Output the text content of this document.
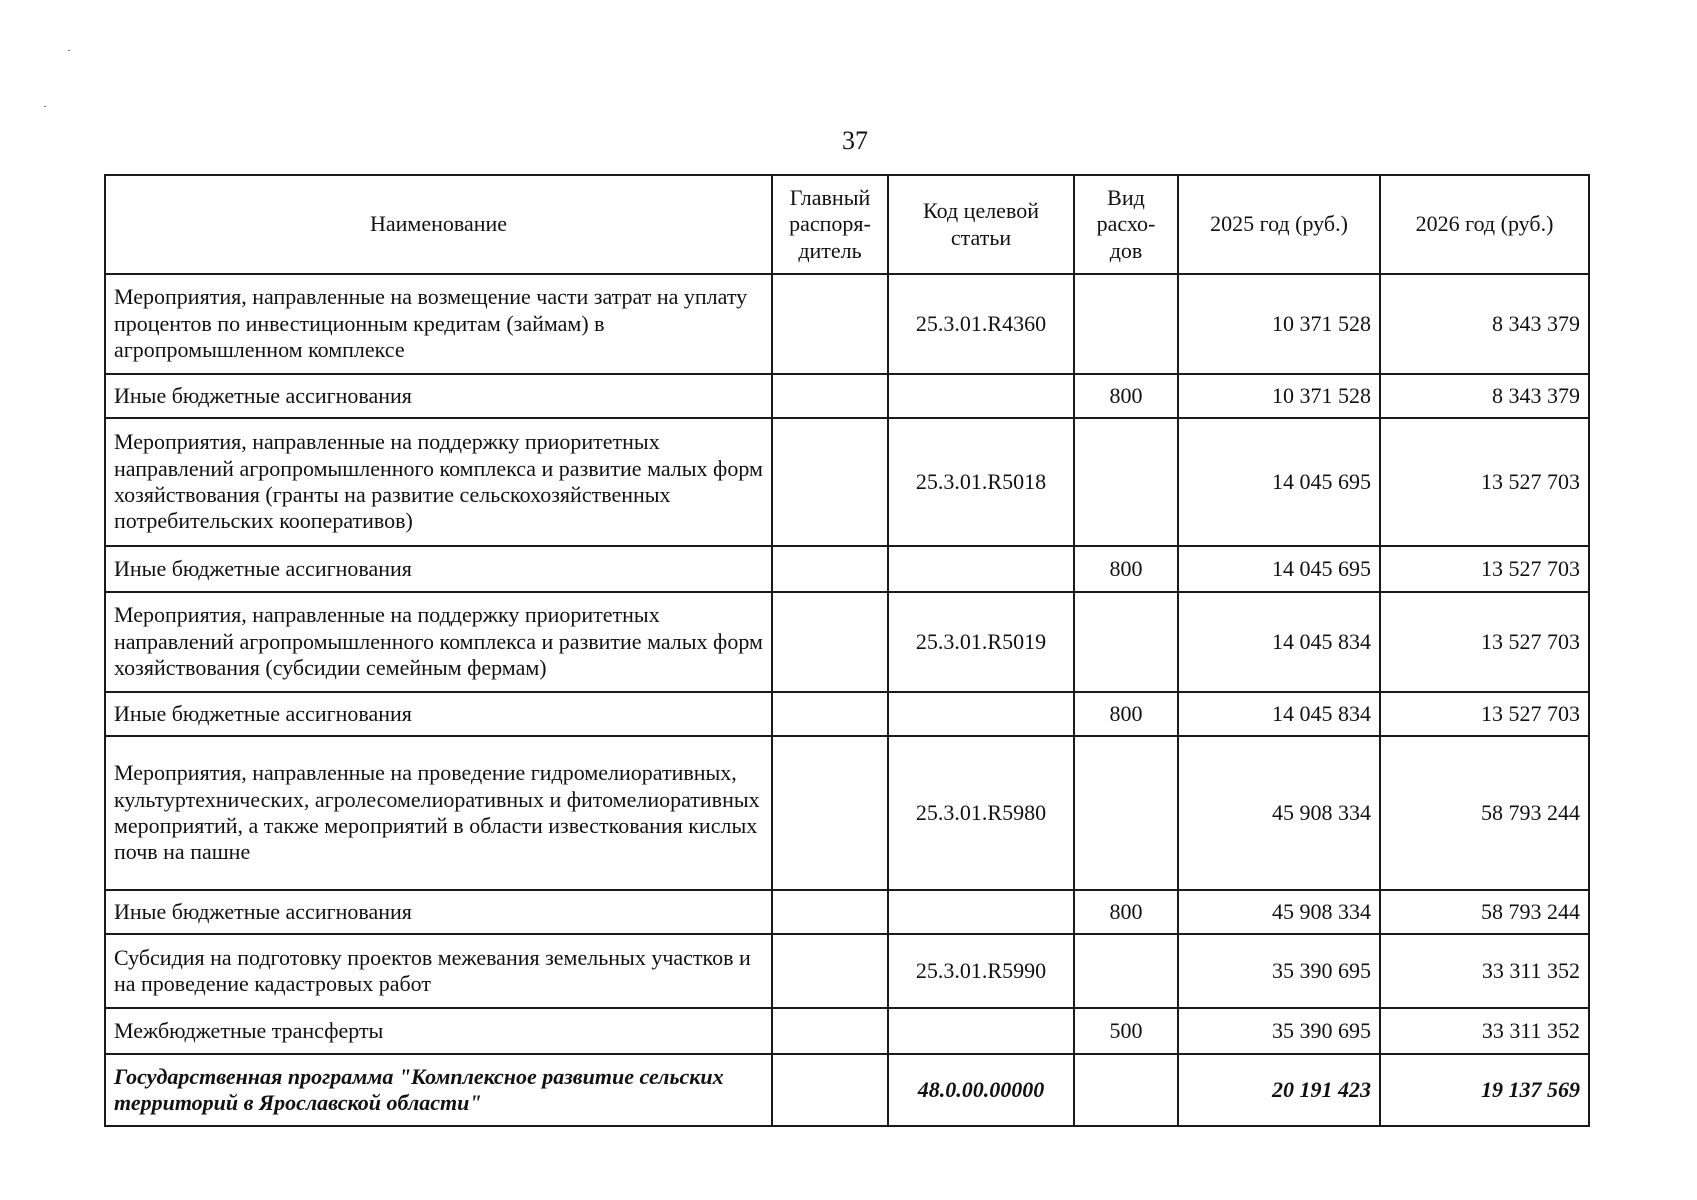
37
Наименование	Главный распоря-дитель	Код целевой статьи	Вид расхо-дов	2025 год (руб.)	2026 год (руб.)
Мероприятия, направленные на возмещение части затрат на уплату процентов по инвестиционным кредитам (займам) в агропромышленном комплексе		25.3.01.R4360		10 371 528	8 343 379
Иные бюджетные ассигнования			800	10 371 528	8 343 379
Мероприятия, направленные на поддержку приоритетных направлений агропромышленного комплекса и развитие малых форм хозяйствования (гранты на развитие сельскохозяйственных потребительских кооперативов)		25.3.01.R5018		14 045 695	13 527 703
Иные бюджетные ассигнования			800	14 045 695	13 527 703
Мероприятия, направленные на поддержку приоритетных направлений агропромышленного комплекса и развитие малых форм хозяйствования (субсидии семейным фермам)		25.3.01.R5019		14 045 834	13 527 703
Иные бюджетные ассигнования			800	14 045 834	13 527 703
Мероприятия, направленные на проведение гидромелиоративных, культуртехнических, агролесомелиоративных и фитомелиоративных мероприятий, а также мероприятий в области известкования кислых почв на пашне		25.3.01.R5980		45 908 334	58 793 244
Иные бюджетные ассигнования			800	45 908 334	58 793 244
Субсидия на подготовку проектов межевания земельных участков и на проведение кадастровых работ		25.3.01.R5990		35 390 695	33 311 352
Межбюджетные трансферты			500	35 390 695	33 311 352
Государственная программа "Комплексное развитие сельских территорий в Ярославской области"		48.0.00.00000		20 191 423	19 137 569
